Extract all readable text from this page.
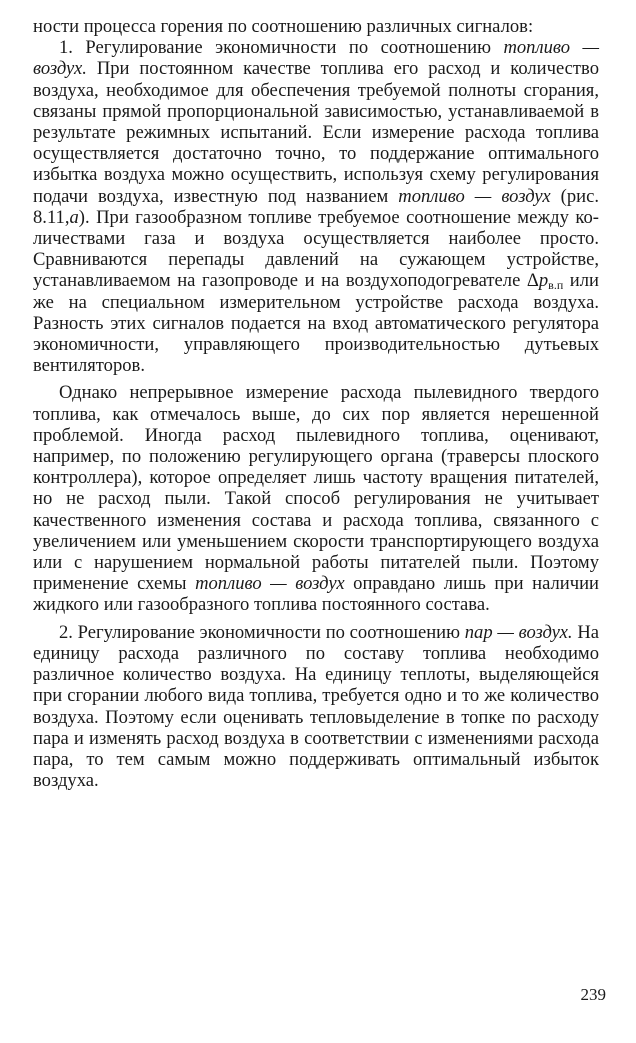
ности процесса горения по соотношению различных сигналов:

1. Регулирование экономичности по соотношению топливо — воздух. При постоянном качестве топлива его расход и количество воздуха, необходимое для обеспечения требуемой полноты сгорания, связаны прямой пропорциональной зависимостью, устанавливаемой в результате режимных испытаний. Если измерение расхода топлива осуществляется достаточно точно, то поддержание оптимального избытка воздуха можно осуществить, используя схему регулирования подачи воздуха, известную под названием топливо — воздух (рис. 8.11,а). При газообразном топливе требуемое соотношение между количествами газа и воздуха осуществляется наиболее просто. Сравниваются перепады давлений на сужающем устройстве, устанавливаемом на газопроводе и на воздухоподогревателе $\Delta p_{в.п}$ или же на специальном измерительном устройстве расхода воздуха. Разность этих сигналов подается на вход автоматического регулятора экономичности, управляющего производительностью дутьевых вентиляторов.

Однако непрерывное измерение расхода пылевидного твердого топлива, как отмечалось выше, до сих пор является нерешенной проблемой. Иногда расход пылевидного топлива, оценивают, например, по положению регулирующего органа (траверсы плоского контроллера), которое определяет лишь частоту вращения питателей, но не расход пыли. Такой способ регулирования не учитывает качественного изменения состава и расхода топлива, связанного с увеличением или уменьшением скорости транспортирующего воздуха или с нарушением нормальной работы питателей пыли. Поэтому применение схемы топливо — воздух оправдано лишь при наличии жидкого или газообразного топлива постоянного состава.

2. Регулирование экономичности по соотношению пар — воздух. На единицу расхода различного по составу топлива необходимо различное количество воздуха. На единицу теплоты, выделяющейся при сгорании любого вида топлива, требуется одно и то же количество воздуха. Поэтому если оценивать тепловыделение в топке по расходу пара и изменять расход воздуха в соответствии с изменениями расхода пара, то тем самым можно поддерживать оптимальный избыток воздуха.

239
